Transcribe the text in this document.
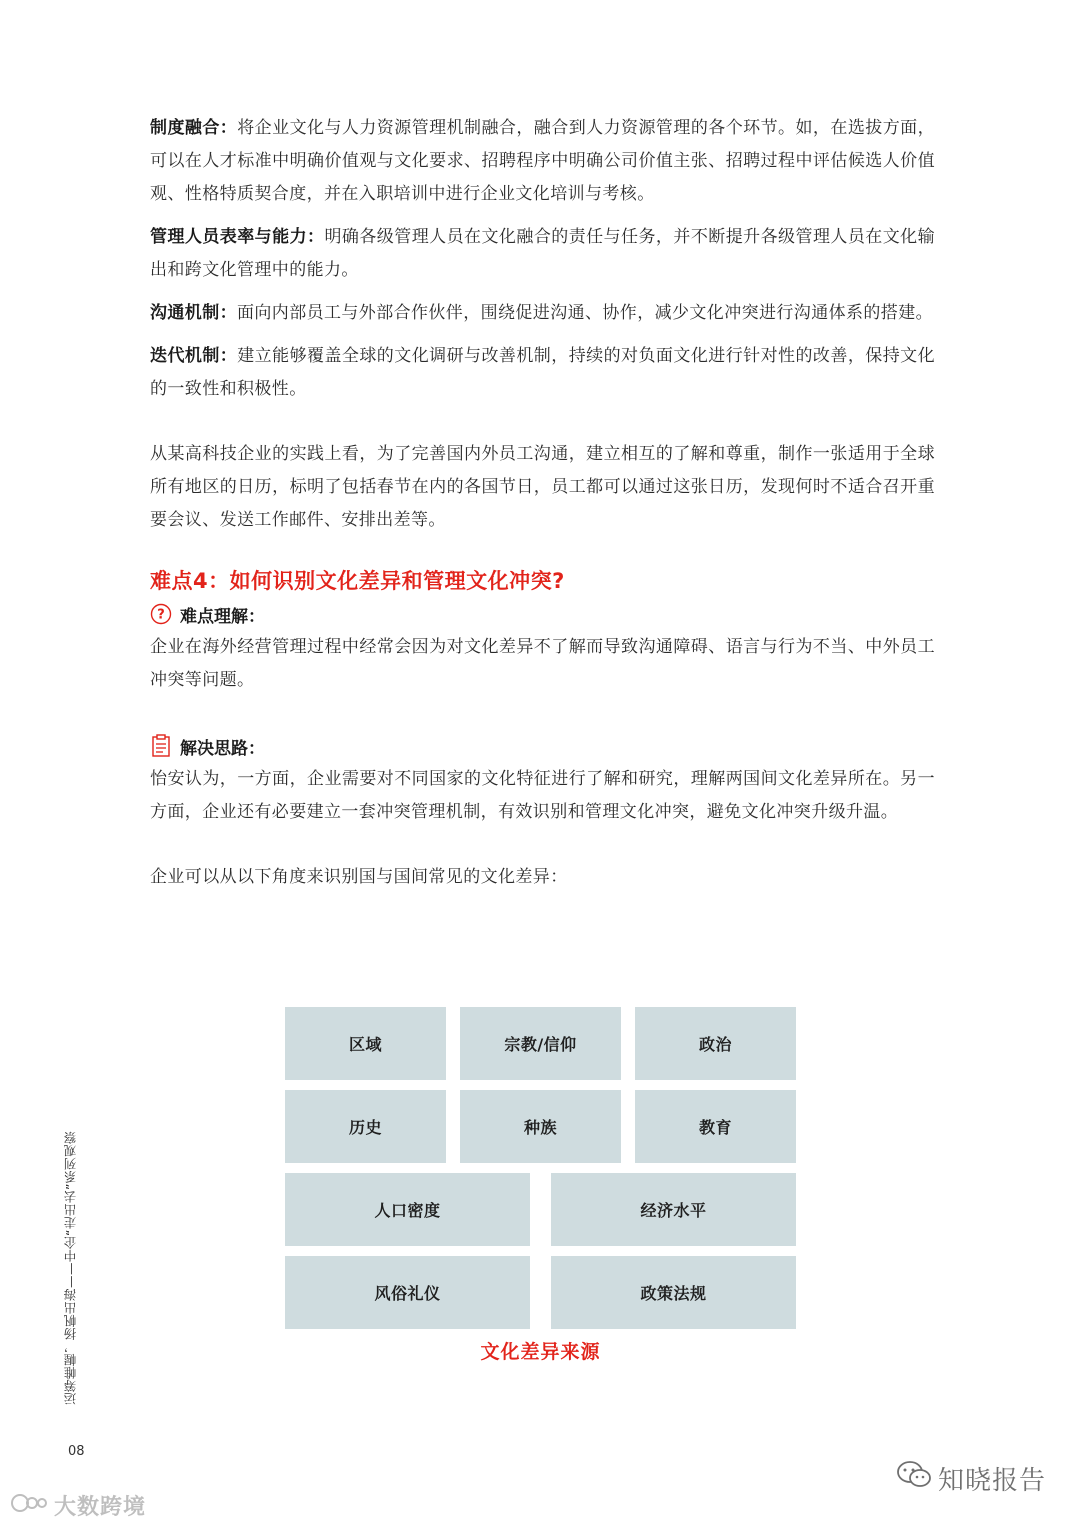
制度融合：将企业文化与人力资源管理机制融合，融合到人力资源管理的各个环节。如，在选拔方面，可以在人才标准中明确价值观与文化要求、招聘程序中明确公司价值主张、招聘过程中评估候选人价值观、性格特质契合度，并在入职培训中进行企业文化培训与考核。

管理人员表率与能力：明确各级管理人员在文化融合的责任与任务，并不断提升各级管理人员在文化输出和跨文化管理中的能力。

沟通机制：面向内部员工与外部合作伙伴，围绕促进沟通、协作，减少文化冲突进行沟通体系的搭建。

迭代机制：建立能够覆盖全球的文化调研与改善机制，持续的对负面文化进行针对性的改善，保持文化的一致性和积极性。

从某高科技企业的实践上看，为了完善国内外员工沟通，建立相互的了解和尊重，制作一张适用于全球所有地区的日历，标明了包括春节在内的各国节日，员工都可以通过这张日历，发现何时不适合召开重要会议、发送工作邮件、安排出差等。

难点4：如何识别文化差异和管理文化冲突?
? 难点理解：

企业在海外经营管理过程中经常会因为对文化差异不了解而导致沟通障碍、语言与行为不当、中外员工冲突等问题。

解决思路：

怡安认为，一方面，企业需要对不同国家的文化特征进行了解和研究，理解两国间文化差异所在。另一方面，企业还有必要建立一套冲突管理机制，有效识别和管理文化冲突，避免文化冲突升级升温。

企业可以从以下角度来识别国与国间常见的文化差异：

区域	宗教/信仰	政治
历史	种族	教育
人口密度	经济水平
风俗礼仪	政策法规
文化差异来源
运筹帷幄，扬帆出海——中企“走出去”系列观察
08
大数跨境
知晓报告
